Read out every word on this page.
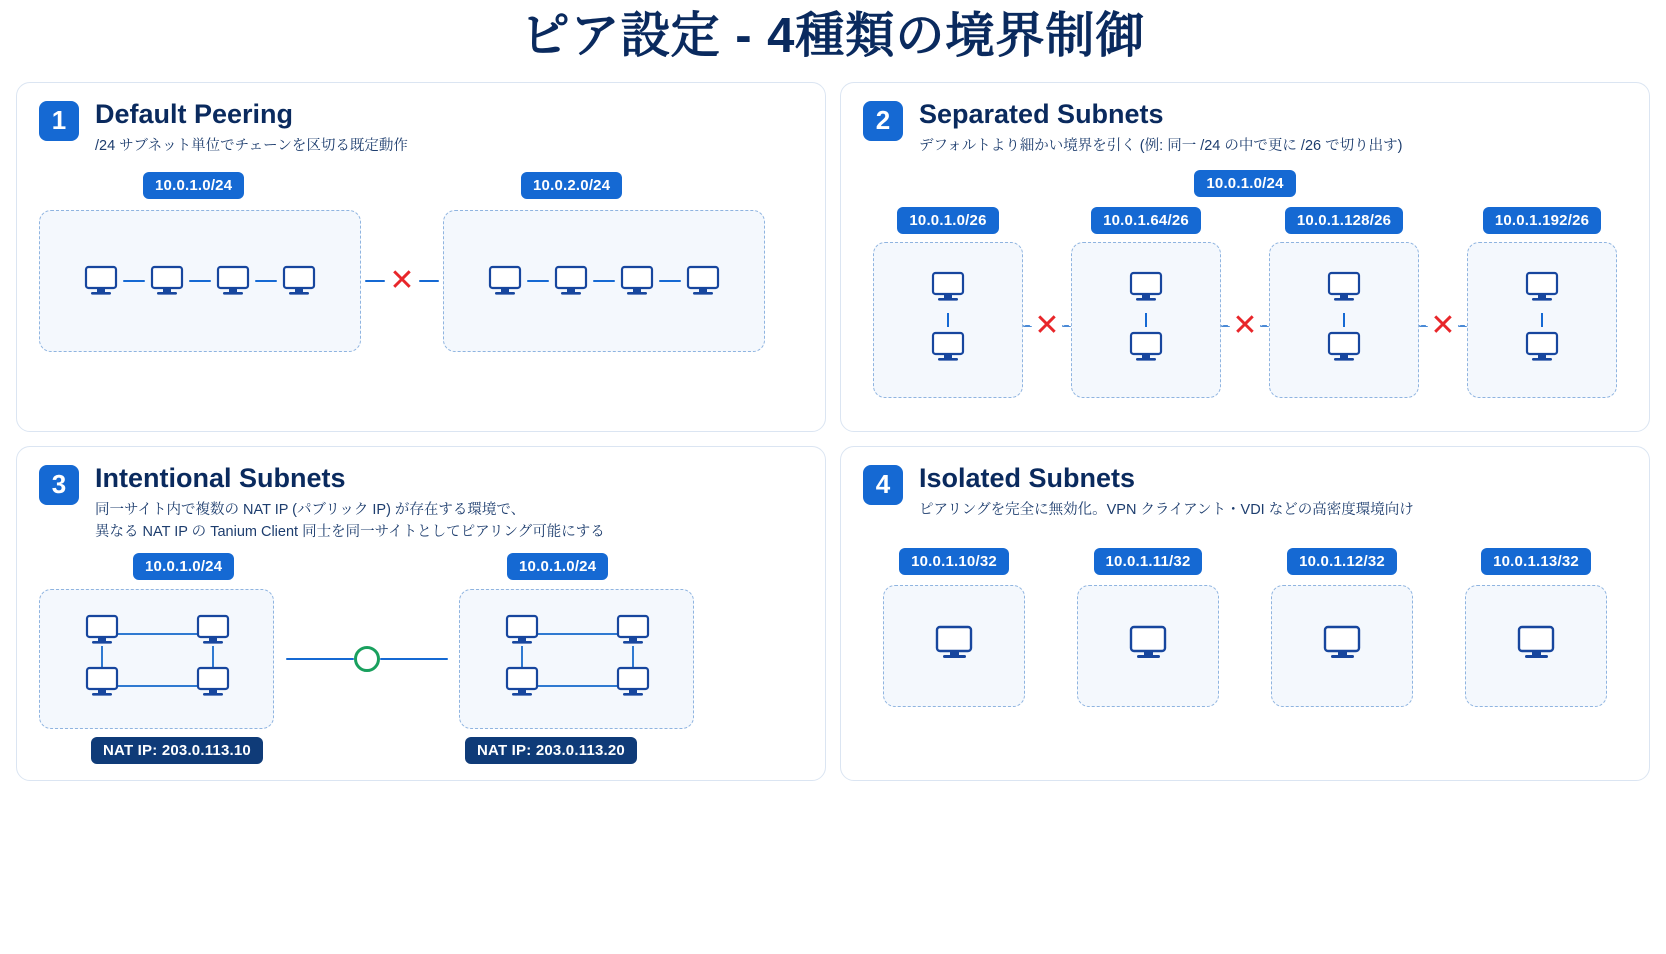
ピア設定 - 4種類の境界制御
1	Default Peering
/24 サブネット単位でチェーンを区切る既定動作
10.0.1.0/24	10.0.2.0/24
✕
2	Separated Subnets
デフォルトより細かい境界を引く (例: 同一 /24 の中で更に /26 で切り出す)
10.0.1.0/24
10.0.1.0/26
✕
10.0.1.64/26
✕
10.0.1.128/26
✕
10.0.1.192/26
3	Intentional Subnets
同一サイト内で複数の NAT IP (パブリック IP) が存在する環境で、
異なる NAT IP の Tanium Client 同士を同一サイトとしてピアリング可能にする
10.0.1.0/24	10.0.1.0/24
NAT IP: 203.0.113.10	NAT IP: 203.0.113.20
4	Isolated Subnets
ピアリングを完全に無効化。VPN クライアント・VDI などの高密度環境向け
10.0.1.10/32	10.0.1.11/32	10.0.1.12/32	10.0.1.13/32
